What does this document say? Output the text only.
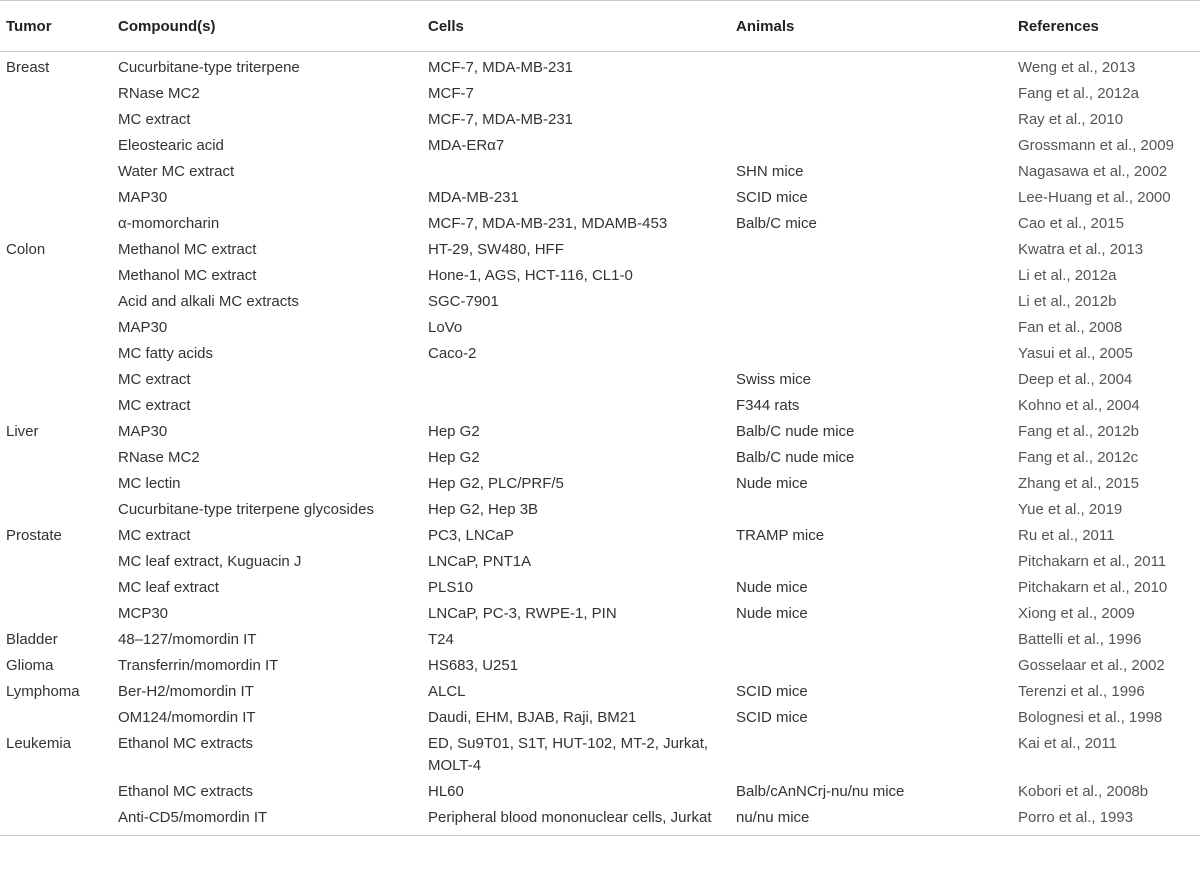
Tumor	Compound(s)	Cells	Animals	References
Breast	Cucurbitane-type triterpene	MCF-7, MDA-MB-231		Weng et al., 2013
	RNase MC2	MCF-7		Fang et al., 2012a
	MC extract	MCF-7, MDA-MB-231		Ray et al., 2010
	Eleostearic acid	MDA-ERα7		Grossmann et al., 2009
	Water MC extract		SHN mice	Nagasawa et al., 2002
	MAP30	MDA-MB-231	SCID mice	Lee-Huang et al., 2000
	α-momorcharin	MCF-7, MDA-MB-231, MDAMB-453	Balb/C mice	Cao et al., 2015
Colon	Methanol MC extract	HT-29, SW480, HFF		Kwatra et al., 2013
	Methanol MC extract	Hone-1, AGS, HCT-116, CL1-0		Li et al., 2012a
	Acid and alkali MC extracts	SGC-7901		Li et al., 2012b
	MAP30	LoVo		Fan et al., 2008
	MC fatty acids	Caco-2		Yasui et al., 2005
	MC extract		Swiss mice	Deep et al., 2004
	MC extract		F344 rats	Kohno et al., 2004
Liver	MAP30	Hep G2	Balb/C nude mice	Fang et al., 2012b
	RNase MC2	Hep G2	Balb/C nude mice	Fang et al., 2012c
	MC lectin	Hep G2, PLC/PRF/5	Nude mice	Zhang et al., 2015
	Cucurbitane-type triterpene glycosides	Hep G2, Hep 3B		Yue et al., 2019
Prostate	MC extract	PC3, LNCaP	TRAMP mice	Ru et al., 2011
	MC leaf extract, Kuguacin J	LNCaP, PNT1A		Pitchakarn et al., 2011
	MC leaf extract	PLS10	Nude mice	Pitchakarn et al., 2010
	MCP30	LNCaP, PC-3, RWPE-1, PIN	Nude mice	Xiong et al., 2009
Bladder	48–127/momordin IT	T24		Battelli et al., 1996
Glioma	Transferrin/momordin IT	HS683, U251		Gosselaar et al., 2002
Lymphoma	Ber-H2/momordin IT	ALCL	SCID mice	Terenzi et al., 1996
	OM124/momordin IT	Daudi, EHM, BJAB, Raji, BM21	SCID mice	Bolognesi et al., 1998
Leukemia	Ethanol MC extracts	ED, Su9T01, S1T, HUT-102, MT-2, Jurkat, MOLT-4		Kai et al., 2011
	Ethanol MC extracts	HL60	Balb/cAnNCrj-nu/nu mice	Kobori et al., 2008b
	Anti-CD5/momordin IT	Peripheral blood mononuclear cells, Jurkat	nu/nu mice	Porro et al., 1993
